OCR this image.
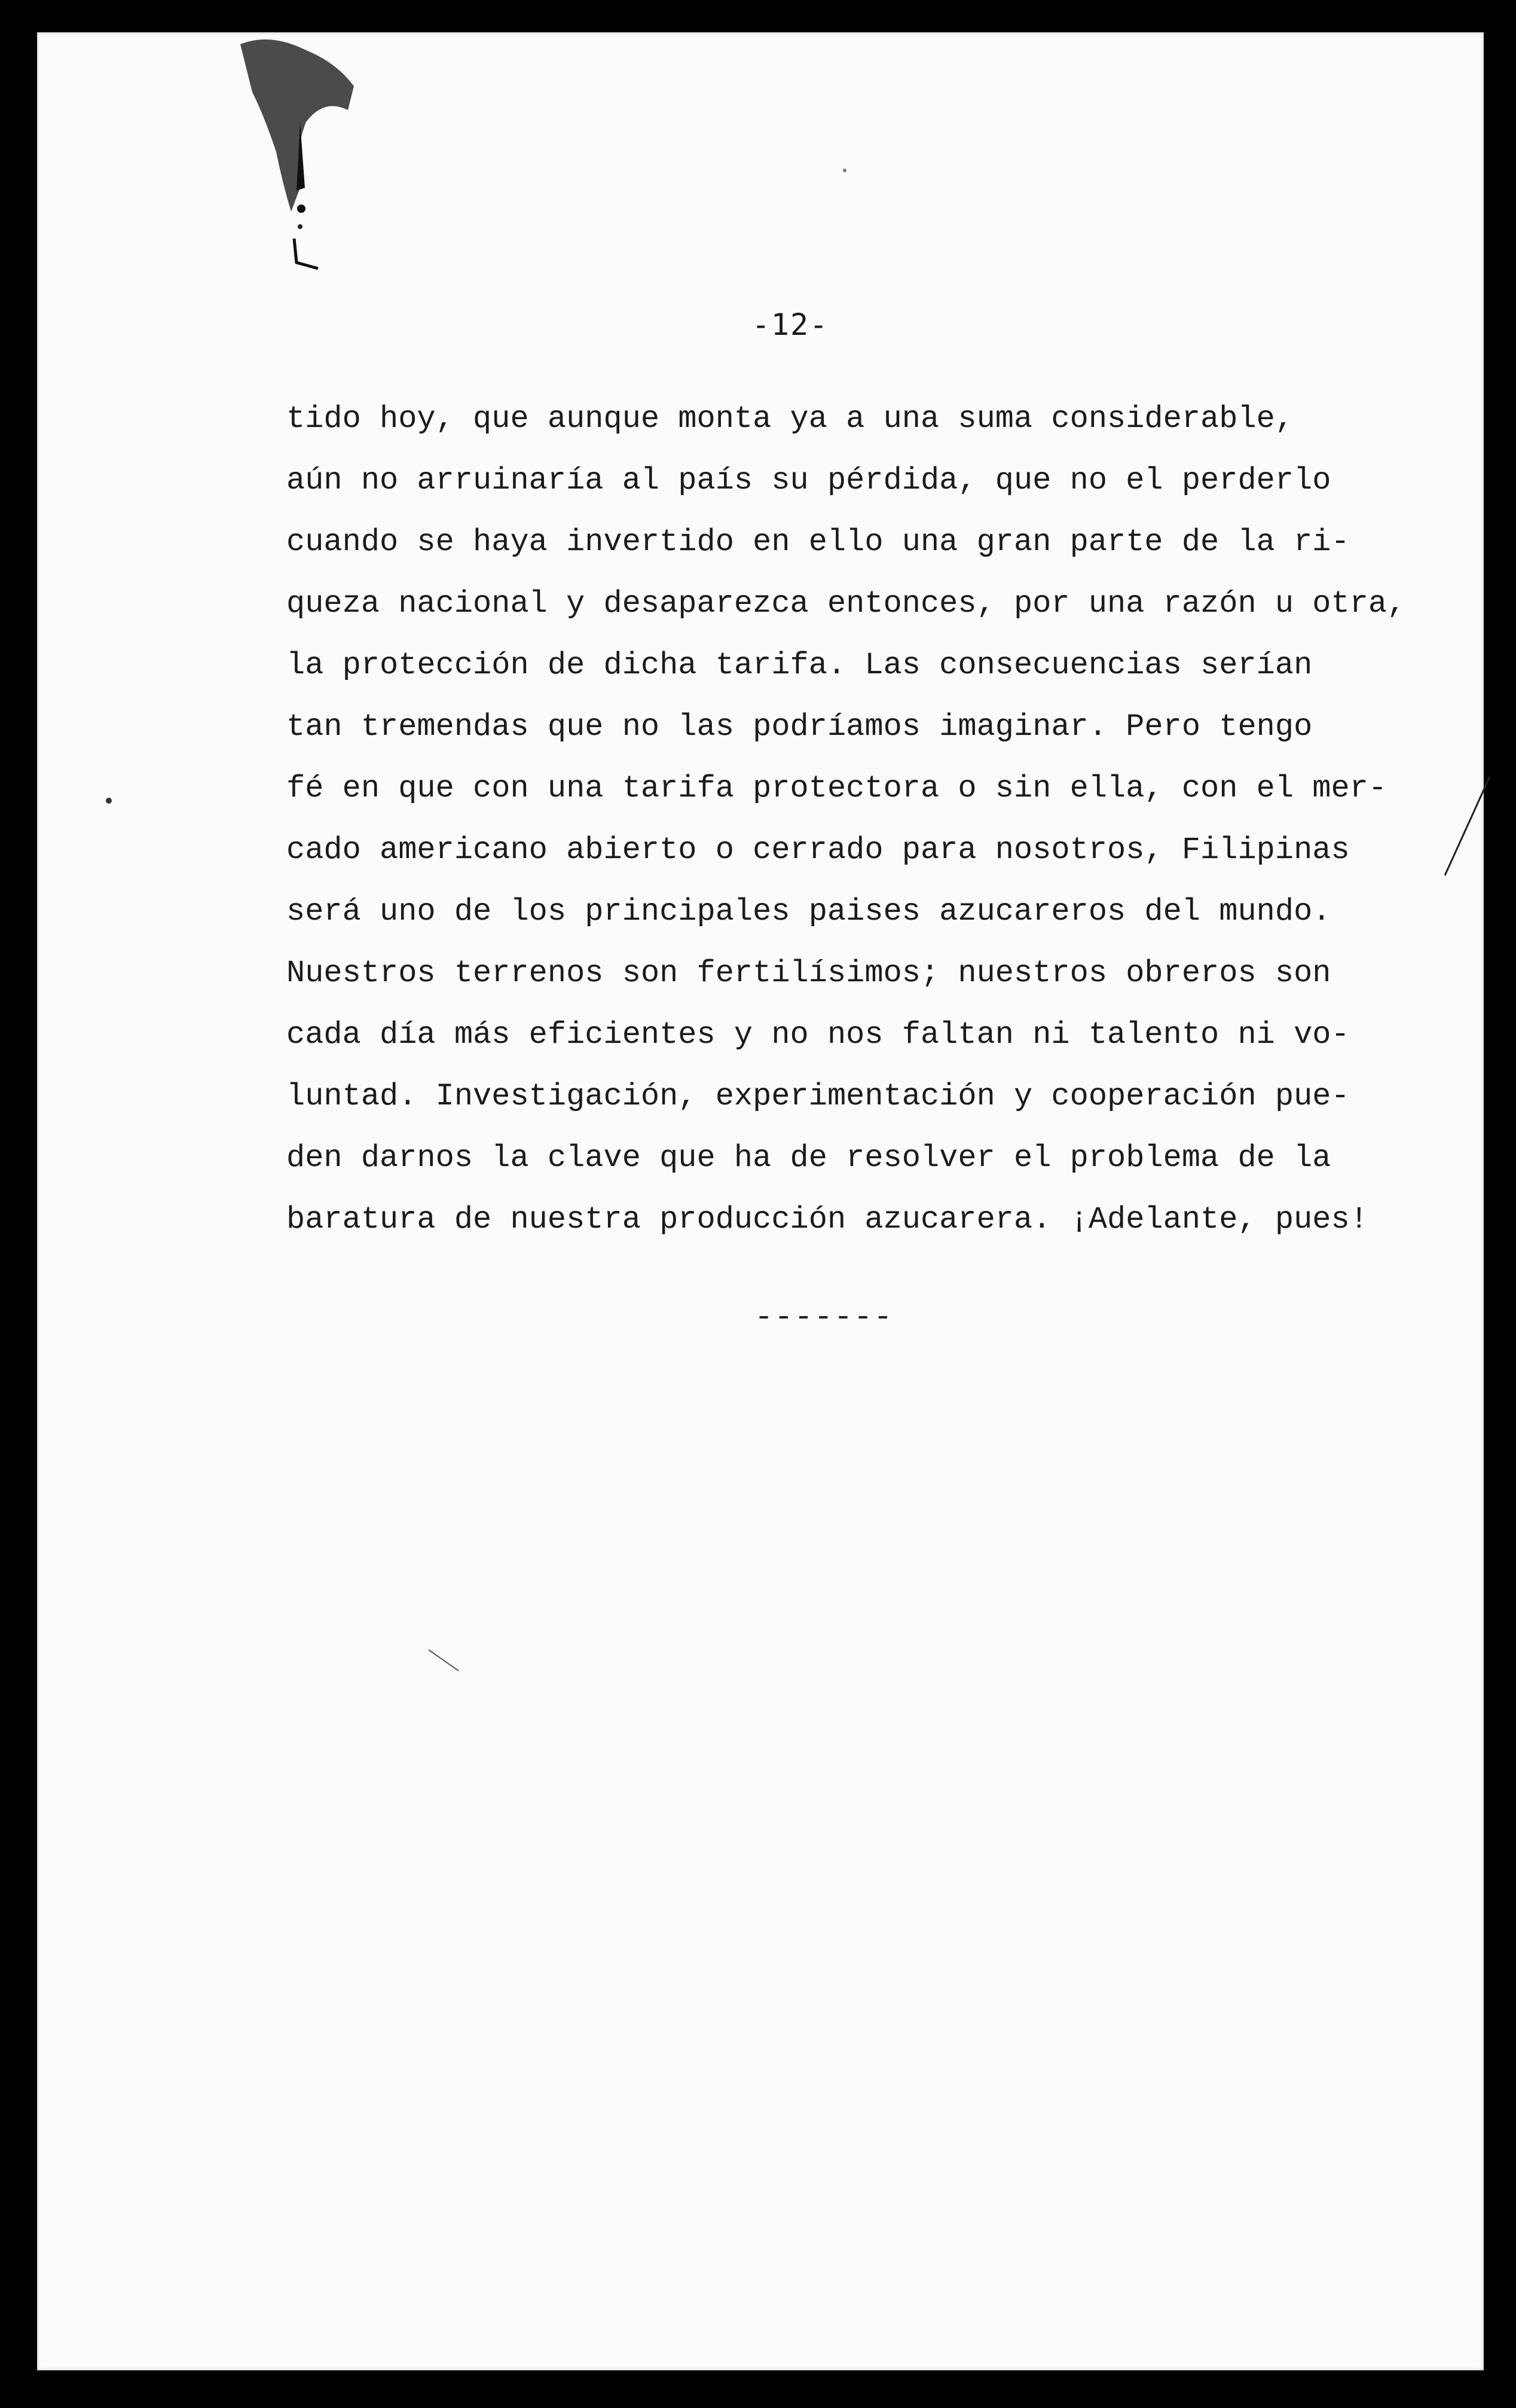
-12-
tido hoy, que aunque monta ya a una suma considerable,
aún no arruinaría al país su pérdida, que no el perderlo
cuando se haya invertido en ello una gran parte de la ri-
queza nacional y desaparezca entonces, por una razón u otra,
la protección de dicha tarifa. Las consecuencias serían
tan tremendas que no las podríamos imaginar. Pero tengo
fé en que con una tarifa protectora o sin ella, con el mer-
cado americano abierto o cerrado para nosotros, Filipinas
será uno de los principales paises azucareros del mundo.
Nuestros terrenos son fertilísimos; nuestros obreros son
cada día más eficientes y no nos faltan ni talento ni vo-
luntad. Investigación, experimentación y cooperación pue-
den darnos la clave que ha de resolver el problema de la
baratura de nuestra producción azucarera. ¡Adelante, pues!
-------
